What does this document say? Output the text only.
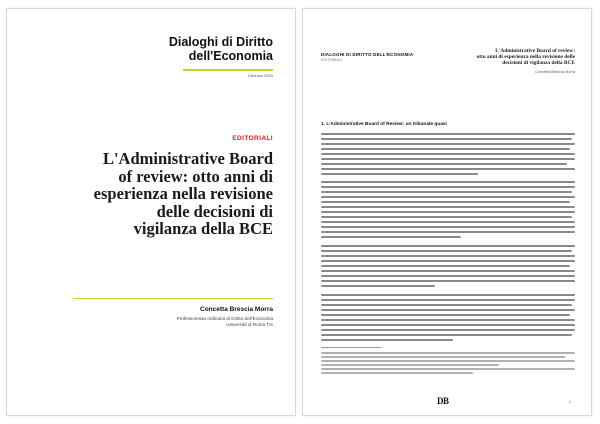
Dialoghi di Diritto
dell'Economia
Gennaio 2025
EDITORIALI
L'Administrative Board
of review: otto anni di
esperienza nella revisione
delle decisioni di
vigilanza della BCE
Concetta Brescia Morra
Professoressa ordinaria di Diritto dell'Economia
Università di Roma Tre
DIALOGHI DI DIRITTO DELL'ECONOMIA
EDITORIALI
L'Administrative Board of review:
otto anni di esperienza nella revisione delle
decisioni di vigilanza della BCE
Concetta Brescia Morra
1. L'Administrative Board of Review: un tribunale quasi
DB	1
